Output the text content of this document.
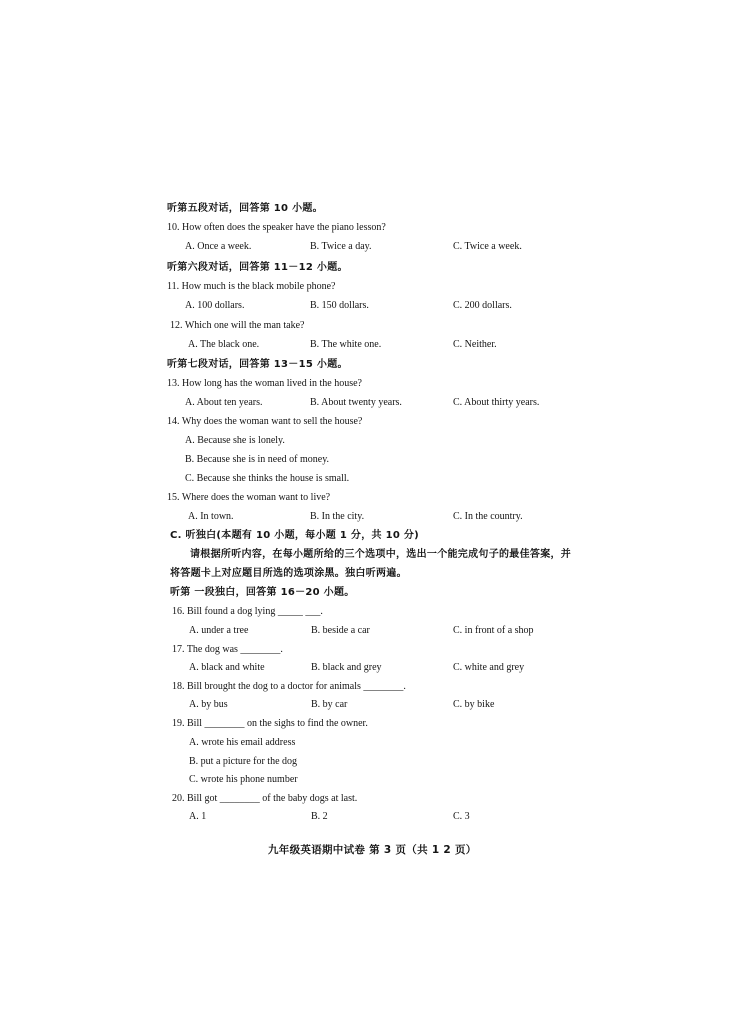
听第五段对话，回答第 10 小题。
10. How often does the speaker have the piano lesson?
A. Once a week.	B. Twice a day.	C. Twice a week.
听第六段对话，回答第 11－12 小题。
11. How much is the black mobile phone?
A. 100 dollars.	B. 150 dollars.	C. 200 dollars.
12. Which one will the man take?
A. The black one.	B. The white one.	C. Neither.
听第七段对话，回答第 13－15 小题。
13. How long has the woman lived in the house?
A. About ten years.	B. About twenty years.	C. About thirty years.
14. Why does the woman want to sell the house?
A. Because she is lonely.
B. Because she is in need of money.
C. Because she thinks the house is small.
15. Where does the woman want to live?
A. In town.	B. In the city.	C. In the country.
C. 听独白(本题有 10 小题，每小题 1 分，共 10 分)
请根据所听内容，在每小题所给的三个选项中，选出一个能完成句子的最佳答案，并
将答题卡上对应题目所选的选项涂黑。独白听两遍。
听第 一段独白，回答第 16－20 小题。
16. Bill found a dog lying _____ ___.
A. under a tree	B. beside a car	C. in front of a shop
17. The dog was ________.
A. black and white	B. black and grey	C. white and grey
18. Bill brought the dog to a doctor for animals ________.
A. by bus	B. by car	C. by bike
19. Bill ________ on the sighs to find the owner.
A. wrote his email address
B. put a picture for the dog
C. wrote his phone number
20. Bill got ________ of the baby dogs at last.
A. 1	B. 2	C. 3
九年级英语期中试卷 第 3 页（共 1 2 页）
